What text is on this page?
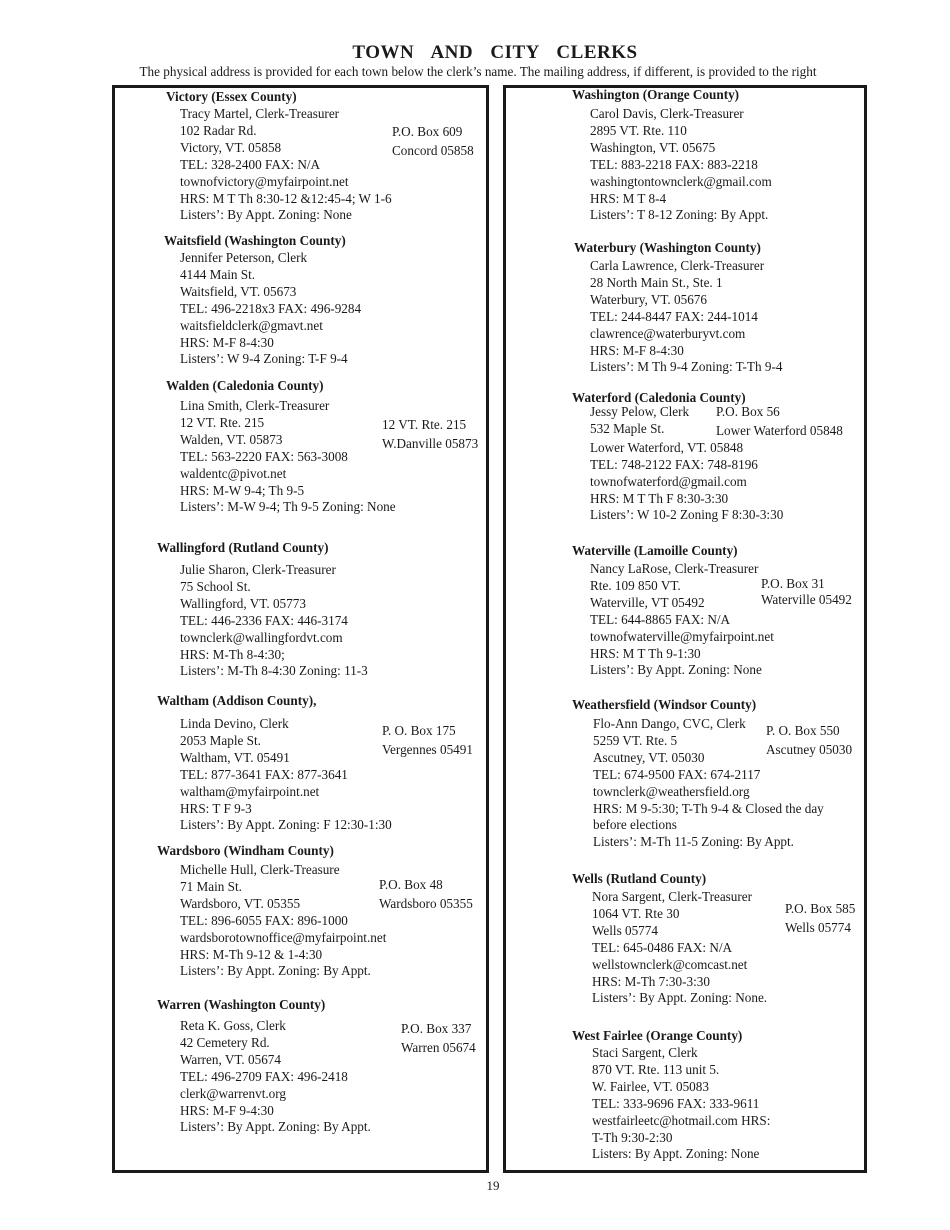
TOWN AND CITY CLERKS
The physical address is provided for each town below the clerk’s name. The mailing address, if different, is provided to the right
Victory (Essex County)
Tracy Martel, Clerk-Treasurer
102 Radar Rd.
Victory, VT. 05858
TEL: 328-2400 FAX: N/A
townofvictory@myfairpoint.net
HRS: M T Th 8:30-12 &12:45-4; W 1-6
Listers’: By Appt. Zoning: None
P.O. Box 609
Concord 05858
Waitsfield (Washington County)
Jennifer Peterson, Clerk
4144 Main St.
Waitsfield, VT. 05673
TEL: 496-2218x3 FAX: 496-9284
waitsfieldclerk@gmavt.net
HRS: M-F 8-4:30
Listers’: W 9-4 Zoning: T-F 9-4
Walden (Caledonia County)
Lina Smith, Clerk-Treasurer
12 VT. Rte. 215
Walden, VT. 05873
TEL: 563-2220 FAX: 563-3008
waldentc@pivot.net
HRS: M-W 9-4; Th 9-5
Listers’: M-W 9-4; Th 9-5 Zoning: None
12 VT. Rte. 215
W.Danville 05873
Wallingford (Rutland County)
Julie Sharon, Clerk-Treasurer
75 School St.
Wallingford, VT. 05773
TEL: 446-2336 FAX: 446-3174
townclerk@wallingfordvt.com
HRS: M-Th 8-4:30;
Listers’: M-Th 8-4:30 Zoning: 11-3
Waltham (Addison County),
Linda Devino, Clerk
2053 Maple St.
Waltham, VT. 05491
TEL: 877-3641 FAX: 877-3641
waltham@myfairpoint.net
HRS: T F 9-3
Listers’: By Appt. Zoning: F 12:30-1:30
P. O. Box 175
Vergennes 05491
Wardsboro (Windham County)
Michelle Hull, Clerk-Treasure
71 Main St.
Wardsboro, VT. 05355
TEL: 896-6055 FAX: 896-1000
wardsborotownoffice@myfairpoint.net
HRS: M-Th 9-12 & 1-4:30
Listers’: By Appt. Zoning: By Appt.
P.O. Box 48
Wardsboro 05355
Warren (Washington County)
Reta K. Goss, Clerk
42 Cemetery Rd.
Warren, VT. 05674
TEL: 496-2709 FAX: 496-2418
clerk@warrenvt.org
HRS: M-F 9-4:30
Listers’: By Appt. Zoning: By Appt.
P.O. Box 337
Warren 05674
Washington (Orange County)
Carol Davis, Clerk-Treasurer
2895 VT. Rte. 110
Washington, VT. 05675
TEL: 883-2218 FAX: 883-2218
washingtontownclerk@gmail.com
HRS: M T 8-4
Listers’: T 8-12 Zoning: By Appt.
Waterbury (Washington County)
Carla Lawrence, Clerk-Treasurer
28 North Main St., Ste. 1
Waterbury, VT. 05676
TEL: 244-8447 FAX: 244-1014
clawrence@waterburyvt.com
HRS: M-F 8-4:30
Listers’: M Th 9-4 Zoning: T-Th 9-4
Waterford (Caledonia County)
Jessy Pelow, Clerk
532 Maple St.
Lower Waterford, VT. 05848
TEL: 748-2122 FAX: 748-8196
townofwaterford@gmail.com
HRS: M T Th F 8:30-3:30
Listers’: W 10-2 Zoning F 8:30-3:30
P.O. Box 56
Lower Waterford 05848
Waterville (Lamoille County)
Nancy LaRose, Clerk-Treasurer
Rte. 109 850 VT.
Waterville, VT 05492
TEL: 644-8865 FAX: N/A
townofwaterville@myfairpoint.net
HRS: M T Th 9-1:30
Listers’: By Appt. Zoning: None
P.O. Box 31
Waterville 05492
Weathersfield (Windsor County)
Flo-Ann Dango, CVC, Clerk
5259 VT. Rte. 5
Ascutney, VT. 05030
TEL: 674-9500 FAX: 674-2117
townclerk@weathersfield.org
HRS: M 9-5:30; T-Th 9-4 & Closed the day
before elections
Listers’: M-Th 11-5 Zoning: By Appt.
P. O. Box 550
Ascutney 05030
Wells (Rutland County)
Nora Sargent, Clerk-Treasurer
1064 VT. Rte 30
Wells 05774
TEL: 645-0486 FAX: N/A
wellstownclerk@comcast.net
HRS: M-Th 7:30-3:30
Listers’: By Appt. Zoning: None.
P.O. Box 585
Wells 05774
West Fairlee (Orange County)
Staci Sargent, Clerk
870 VT. Rte. 113 unit 5.
W. Fairlee, VT. 05083
TEL: 333-9696 FAX: 333-9611
westfairleetc@hotmail.com HRS:
T-Th 9:30-2:30
Listers: By Appt. Zoning: None
19
